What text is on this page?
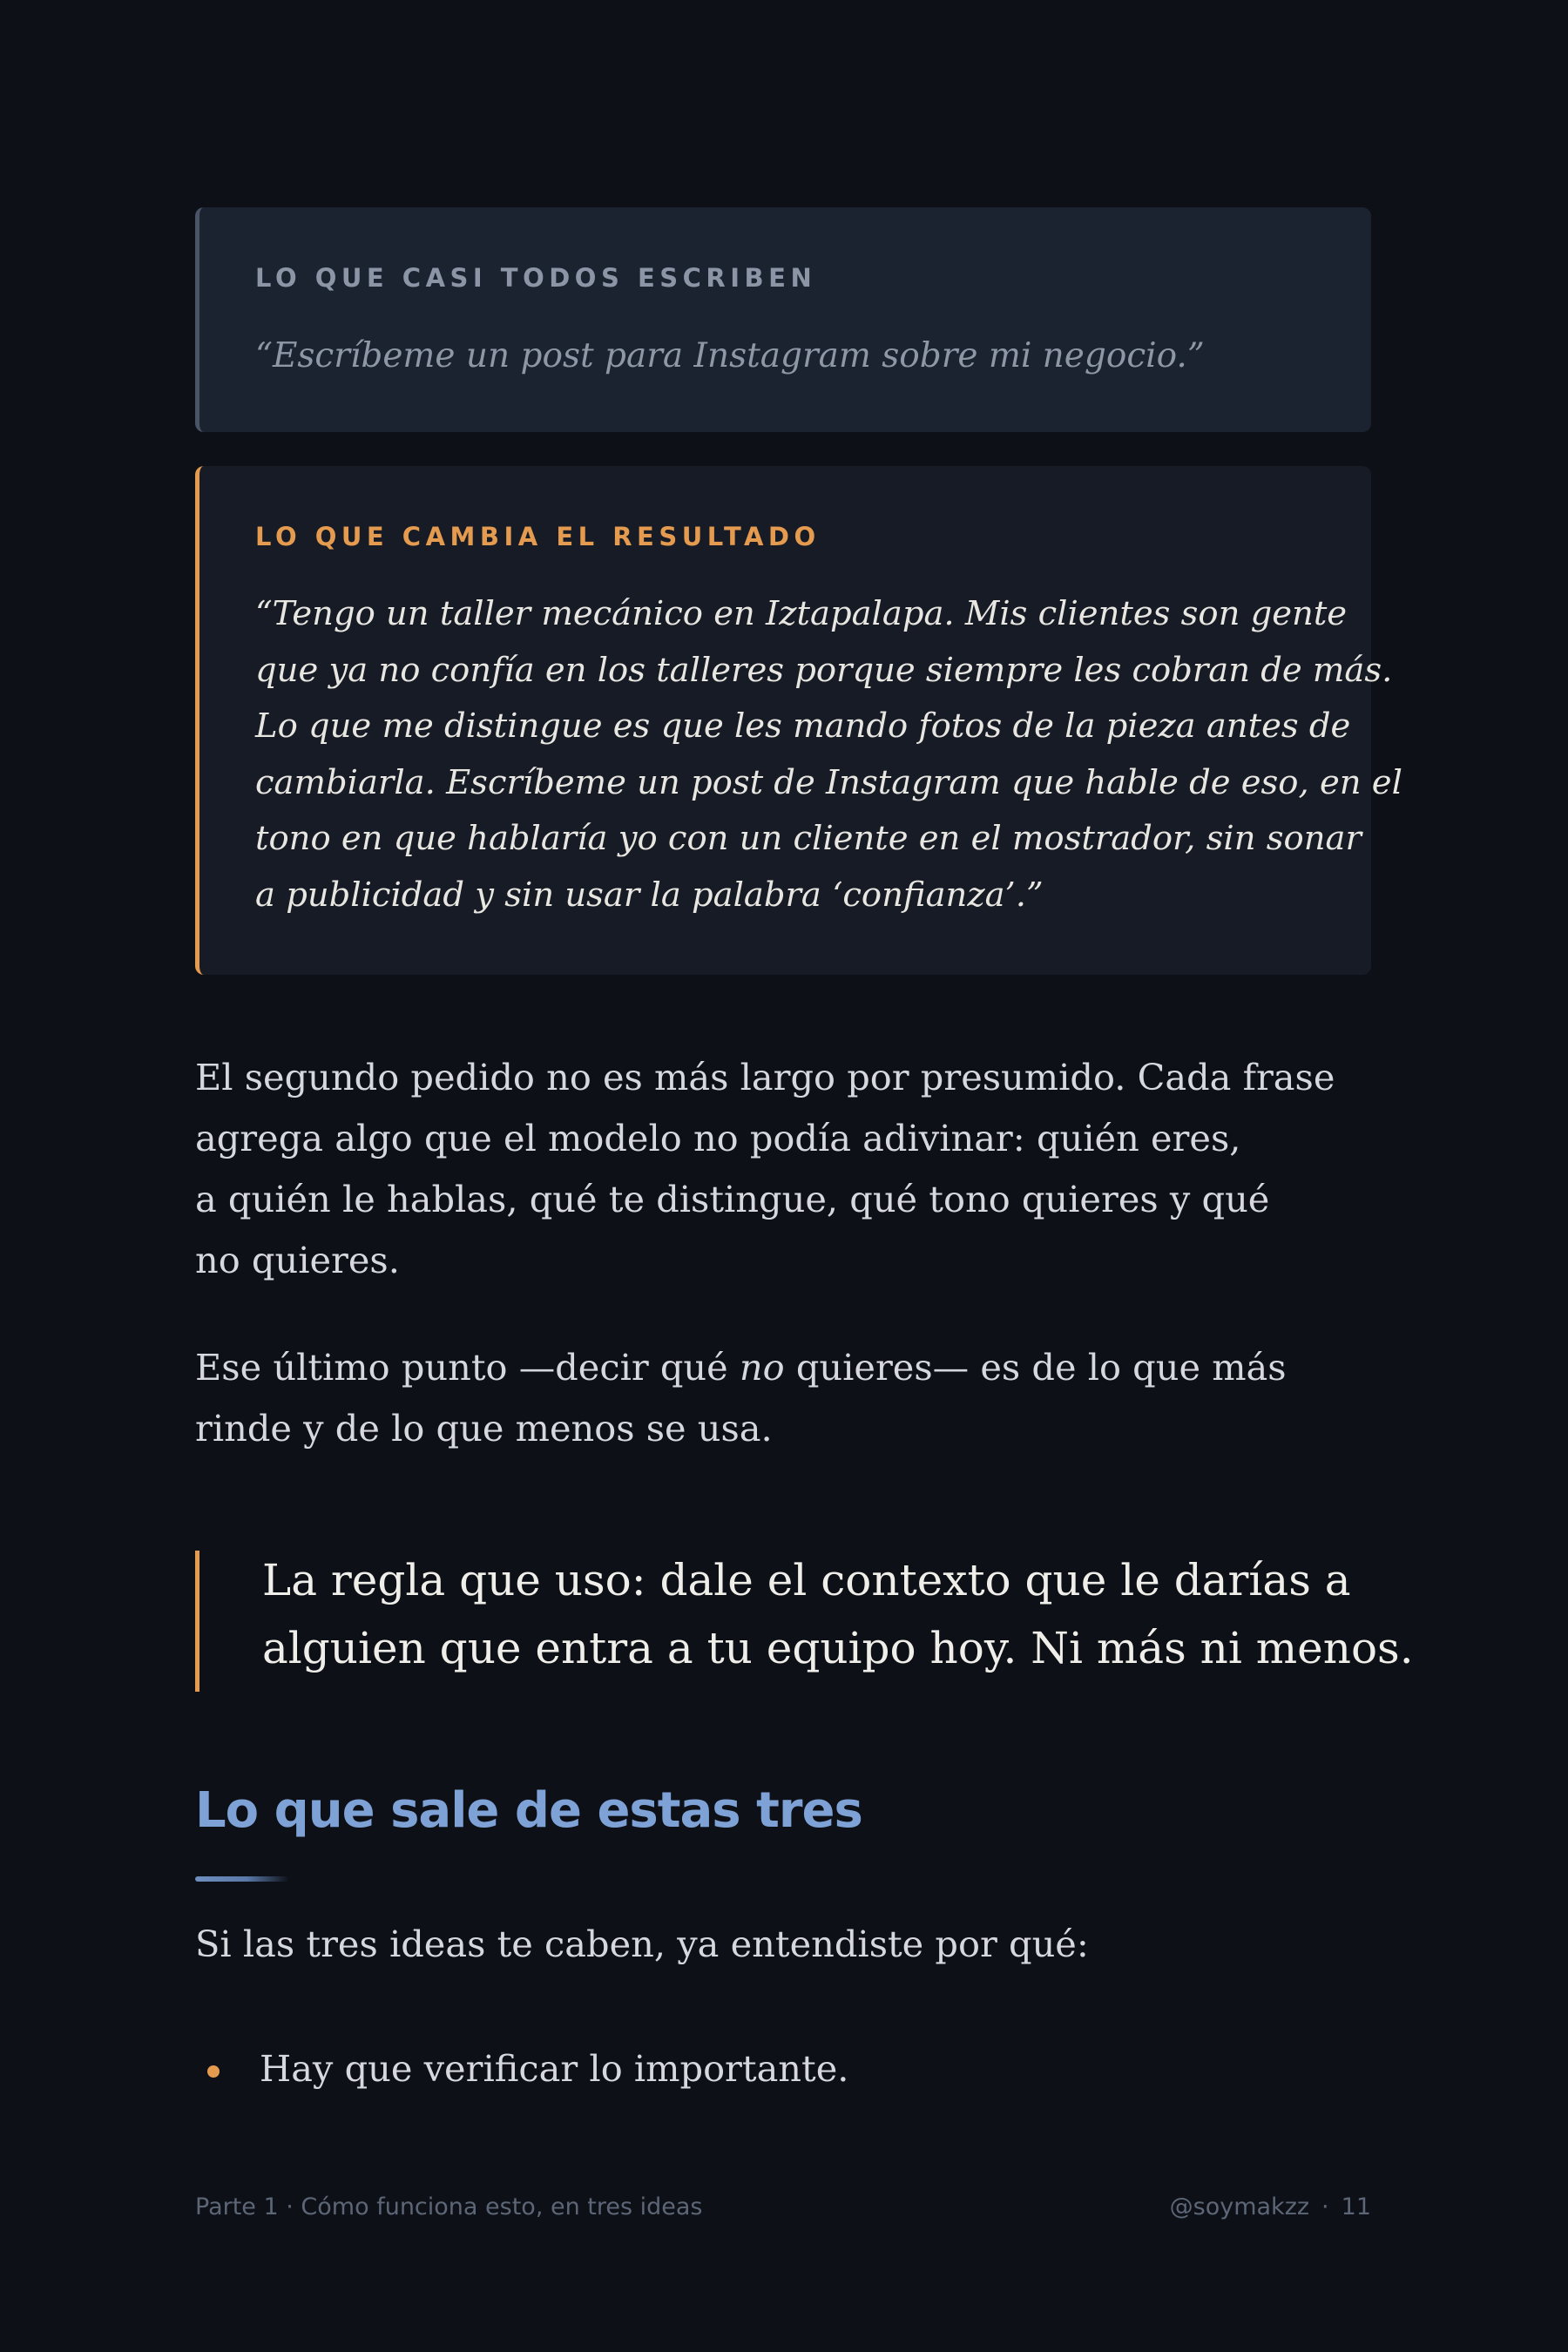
LO QUE CASI TODOS ESCRIBEN

“Escríbeme un post para Instagram sobre mi negocio.”

LO QUE CAMBIA EL RESULTADO

“Tengo un taller mecánico en Iztapalapa. Mis clientes son gente
que ya no confía en los talleres porque siempre les cobran de más.
Lo que me distingue es que les mando fotos de la pieza antes de
cambiarla. Escríbeme un post de Instagram que hable de eso, en el
tono en que hablaría yo con un cliente en el mostrador, sin sonar
a publicidad y sin usar la palabra ‘confianza’.”

El segundo pedido no es más largo por presumido. Cada frase
agrega algo que el modelo no podía adivinar: quién eres,
a quién le hablas, qué te distingue, qué tono quieres y qué
no quieres.

Ese último punto —decir qué no quieres— es de lo que más
rinde y de lo que menos se usa.

La regla que uso: dale el contexto que le darías a
alguien que entra a tu equipo hoy. Ni más ni menos.

Lo que sale de estas tres

Si las tres ideas te caben, ya entendiste por qué:

Hay que verificar lo importante.

Parte 1 · Cómo funciona esto, en tres ideas	@soymakzz · 11
